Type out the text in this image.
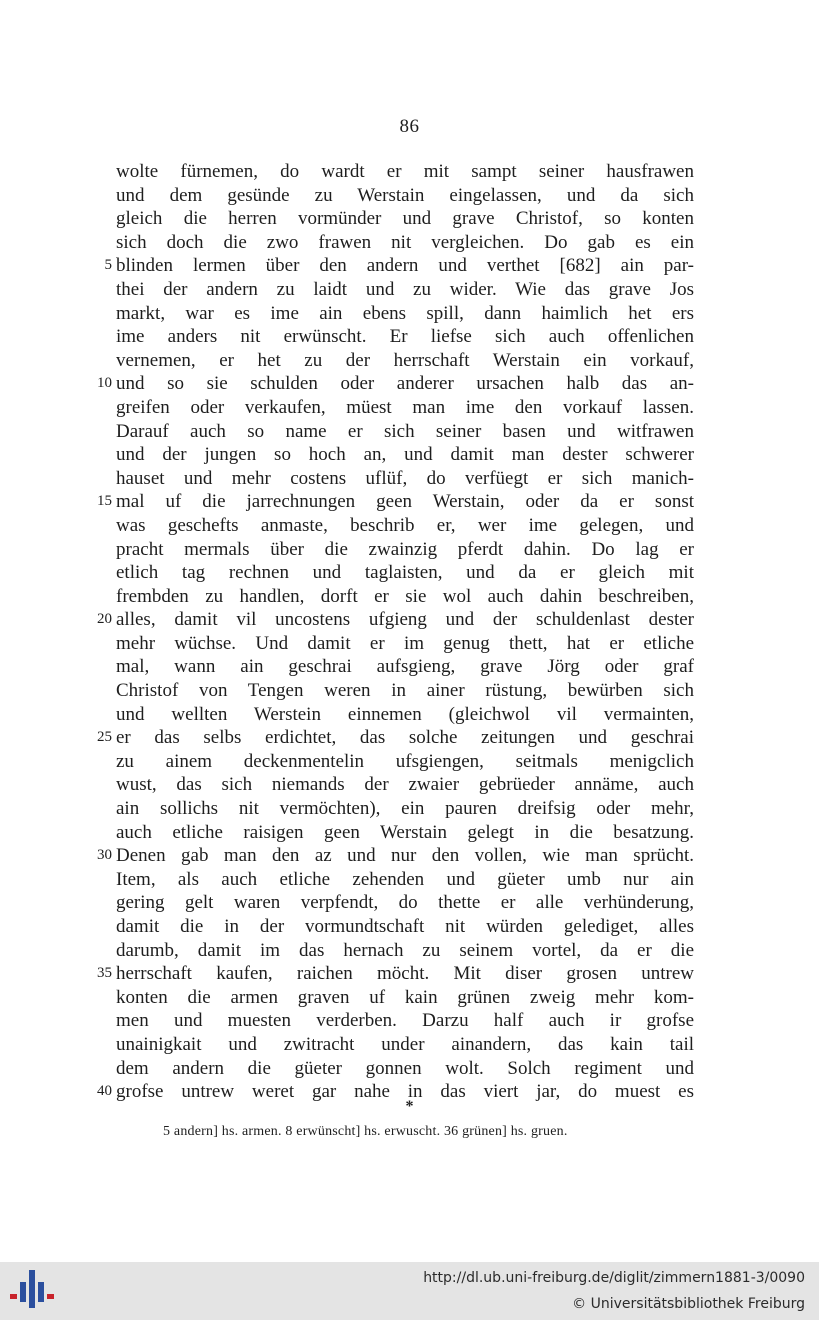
86
wolte fürnemen, do wardt er mit sampt seiner hausfrawen
und dem gesünde zu Werstain eingelassen, und da sich
gleich die herren vormünder und grave Christof, so konten
sich doch die zwo frawen nit vergleichen. Do gab es ein
5 blinden lermen über den andern und verthet [682] ain par-
thei der andern zu laidt und zu wider. Wie das grave Jos
markt, war es ime ain ebens spill, dann haimlich het ers
ime anders nit erwünscht. Er liefse sich auch offenlichen
vernemen, er het zu der herrschaft Werstain ein vorkauf,
10 und so sie schulden oder anderer ursachen halb das an-
greifen oder verkaufen, müest man ime den vorkauf lassen.
Darauf auch so name er sich seiner basen und witfrawen
und der jungen so hoch an, und damit man dester schwerer
hauset und mehr costens uflüf, do verfüegt er sich manich-
15 mal uf die jarrechnungen geen Werstain, oder da er sonst
was geschefts anmaste, beschrib er, wer ime gelegen, und
pracht mermals über die zwainzig pferdt dahin. Do lag er
etlich tag rechnen und taglaisten, und da er gleich mit
frembden zu handlen, dorft er sie wol auch dahin beschreiben,
20 alles, damit vil uncostens ufgieng und der schuldenlast dester
mehr wüchse. Und damit er im genug thett, hat er etliche
mal, wann ain geschrai aufsgieng, grave Jörg oder graf
Christof von Tengen weren in ainer rüstung, bewürben sich
und wellten Werstein einnemen (gleichwol vil vermainten,
25 er das selbs erdichtet, das solche zeitungen und geschrai
zu ainem deckenmentelin ufsgiengen, seitmals menigclich
wust, das sich niemands der zwaier gebrüeder annäme, auch
ain sollichs nit vermöchten), ein pauren dreifsig oder mehr,
auch etliche raisigen geen Werstain gelegt in die besatzung.
30 Denen gab man den az und nur den vollen, wie man sprücht.
Item, als auch etliche zehenden und güeter umb nur ain
gering gelt waren verpfendt, do thette er alle verhünderung,
damit die in der vormundtschaft nit würden gelediget, alles
darumb, damit im das hernach zu seinem vortel, da er die
35 herrschaft kaufen, raichen möcht. Mit diser grosen untrew
konten die armen graven uf kain grünen zweig mehr kom-
men und muesten verderben. Darzu half auch ir grofse
unainigkait und zwitracht under ainandern, das kain tail
dem andern die güeter gonnen wolt. Solch regiment und
40 grofse untrew weret gar nahe in das viert jar, do muest es
*
5 andern] hs. armen. 8 erwünscht] hs. erwuscht. 36 grünen] hs. gruen.
http://dl.ub.uni-freiburg.de/diglit/zimmern1881-3/0090
© Universitätsbibliothek Freiburg
